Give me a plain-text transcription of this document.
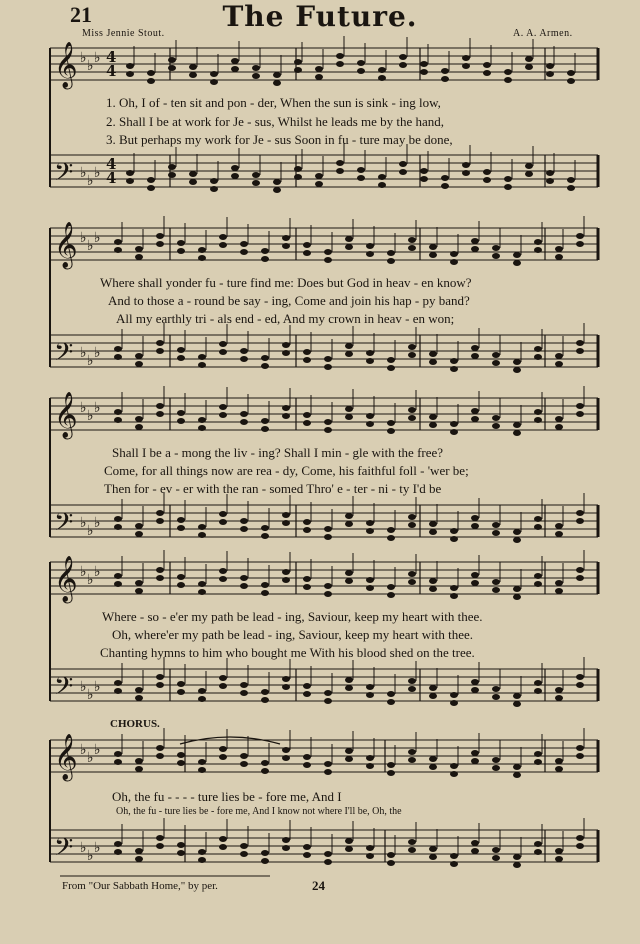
𝄞 ♭ ♭ ♭
𝄢 ♭ ♭ ♭
4
4
4
4
𝄞 ♭ ♭ ♭
𝄢 ♭ ♭ ♭
𝄞 ♭ ♭ ♭
𝄢 ♭ ♭ ♭
𝄞 ♭ ♭ ♭
𝄢 ♭ ♭ ♭
𝄞 ♭ ♭ ♭
𝄢 ♭ ♭ ♭
21	The Future.
Miss Jennie Stout.	A. A. Armen.
1. Oh, I of - ten sit and pon - der, When the sun is sink - ing low,
2. Shall I be at work for Je - sus, Whilst he leads me by the hand,
3. But perhaps my work for Je - sus Soon in fu - ture may be done,
Where shall yonder fu - ture find me: Does but God in heav - en know?
And to those a - round be say - ing, Come and join his hap - py band?
All my earthly tri - als end - ed, And my crown in heav - en won;
Shall I be a - mong the liv - ing? Shall I min - gle with the free?
Come, for all things now are rea - dy, Come, his faithful foll - 'wer be;
Then for - ev - er with the ran - somed Thro' e - ter - ni - ty I'd be
Where - so - e'er my path be lead - ing, Saviour, keep my heart with thee.
Oh, where'er my path be lead - ing, Saviour, keep my heart with thee.
Chanting hymns to him who bought me With his blood shed on the tree.
CHORUS.
Oh, the fu - - - - ture lies be - fore me, And I
Oh, the fu - ture lies be - fore me, And I know not where I'll be, Oh, the
From "Our Sabbath Home," by per.	24
